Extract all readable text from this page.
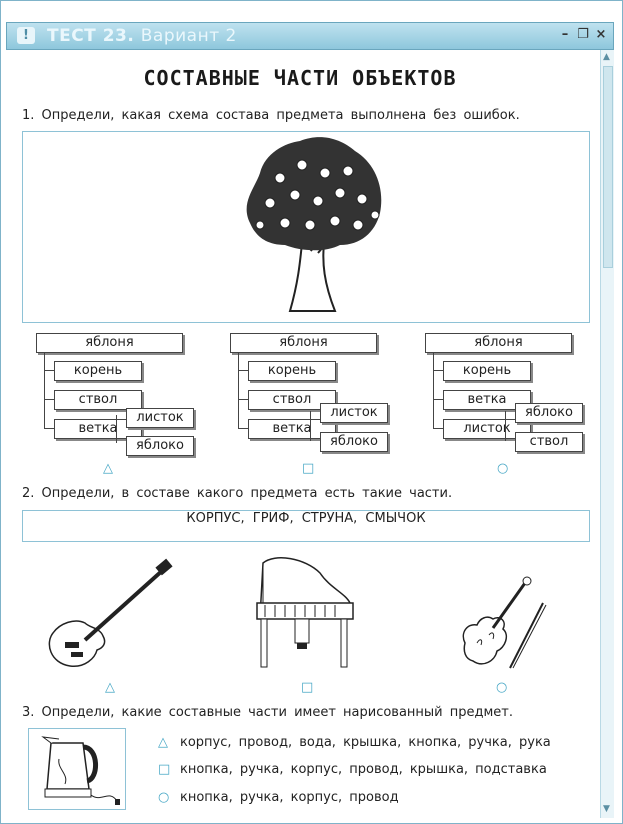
!	ТЕСТ 23. Вариант 2	– ❐ ×
▲
▼
СОСТАВНЫЕ ЧАСТИ ОБЪЕКТОВ
1. Определи, какая схема состава предмета выполнена без ошибок.
яблоня
корень
ствол
ветка
листок
яблоко
△
яблоня
корень
ствол
ветка
листок
яблоко
□
яблоня
корень
ветка
листок
яблоко
ствол
○
2. Определи, в составе какого предмета есть такие части.
КОРПУС, ГРИФ, СТРУНА, СМЫЧОК
△	□	○
3. Определи, какие составные части имеет нарисованный предмет.
△ корпус, провод, вода, крышка, кнопка, ручка, рука
□ кнопка, ручка, корпус, провод, крышка, подставка
○ кнопка, ручка, корпус, провод
